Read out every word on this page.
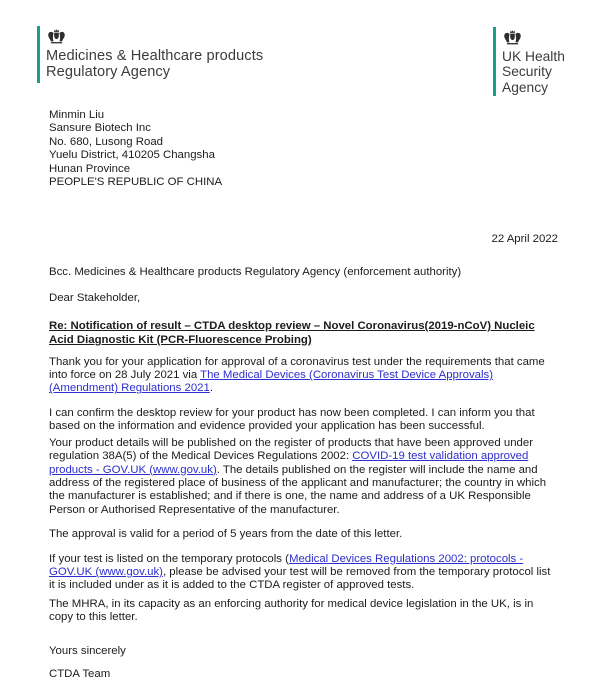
Medicines & Healthcare products
Regulatory Agency
UK Health
Security
Agency
Minmin Liu
Sansure Biotech Inc
No. 680, Lusong Road
Yuelu District, 410205 Changsha
Hunan Province
PEOPLE'S REPUBLIC OF CHINA
22 April 2022

Bcc. Medicines & Healthcare products Regulatory Agency (enforcement authority)

Dear Stakeholder,

Re: Notification of result – CTDA desktop review – Novel Coronavirus(2019-nCoV) Nucleic Acid Diagnostic Kit (PCR-Fluorescence Probing)

Thank you for your application for approval of a coronavirus test under the requirements that came into force on 28 July 2021 via The Medical Devices (Coronavirus Test Device Approvals) (Amendment) Regulations 2021.

I can confirm the desktop review for your product has now been completed. I can inform you that based on the information and evidence provided your application has been successful.

Your product details will be published on the register of products that have been approved under regulation 38A(5) of the Medical Devices Regulations 2002: COVID-19 test validation approved products - GOV.UK (www.gov.uk). The details published on the register will include the name and address of the registered place of business of the applicant and manufacturer; the country in which the manufacturer is established; and if there is one, the name and address of a UK Responsible Person or Authorised Representative of the manufacturer.

The approval is valid for a period of 5 years from the date of this letter.

If your test is listed on the temporary protocols (Medical Devices Regulations 2002: protocols - GOV.UK (www.gov.uk), please be advised your test will be removed from the temporary protocol list it is included under as it is added to the CTDA register of approved tests.

The MHRA, in its capacity as an enforcing authority for medical device legislation in the UK, is in copy to this letter.

Yours sincerely

CTDA Team
